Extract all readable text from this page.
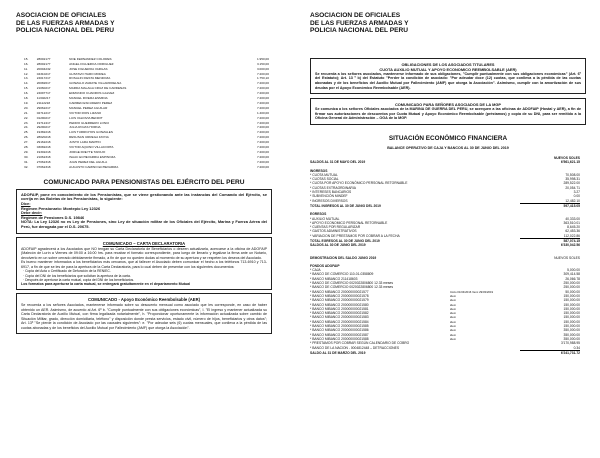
ASOCIACION DE OFICIALES
DE LAS FUERZAS ARMADAS Y
POLICIA NACIONAL DEL PERU
15.	28002177	NOE FERNANDEZ COLORES	1.950,00
16.	28002177	ANGEL FIGUEROA ODRIGUEZ	3.150,00
11.	20004232	JOSE FIGUEROA VARGAS	3.000,00
12.	04310217	GUSTAVO HARO MOREA	7.200,00
13.	24017217	ROSALIN FIESTA MENDOZA	1.750,10
14.	20082617	GONZALO ZARATE VILLARROELNA	7.200,00
15.	21060217	MARDA MALAGA CRUZ DE CARDENAS	7.200,00
16.	24097717	EDMUNDO CUADROS GALVEZ	7.200,00
18.	11302217	MANUEL RIVERA ESMIDIA	7.200,00
19.	21112218	CARMEN ESCUDERO PEREZ	7.200,00
20.	29062217	MANUEL PEREZ AGUILAR	7.200,00
21.	02712217	VICTOR RIOS LIZANO	1.400,00
22.	01290217	LUIS VALDIVIA BENDIT	7.200,00
23.	19712417	PEDRO GUERRERO LONCI	7.200,00
24.	29290217	JULIA ROJAS HORNA	7.200,00
25.	19382218	LUIS TURRICHOS GONZALES	7.200,00
26.	28020218	RESUSAN URREGA FAYNA	7.200,00
27.	29162218	JUSTO LARA MARTIN	7.200,00
28.	03082218	VICTOR AQUINO VILLACORTA	7.200,00
29.	19302218	JORGE FREYTE TAPAJO	7.200,00
30.	21062318	ISAAC ECHEVARRIA ESPINOZA	7.200,00
31.	27062318	JUAN PEREZ DEL AGUILA	7.200,00
32.	07062318	AUGUSTO CAMINO ECHEVARRIA	7.200,00
COMUNICADO PARA PENSIONISTAS DEL EJÉRCITO DEL PERU
ADOFAIP, pone en conocimiento de los Pensionistas, que se viene gestionando ante las instancias del Comando del Ejército, se corrija en las Boletas de los Pensionistas, lo siguiente:
Dice:
Regimen Pensionario: Montepio Ley 12326
Debe decir:
Regimen de Pensiones D.S. 19846
NOTA: La Ley 12326 no es Ley de Pensiones, sino Ley de situación militar de los Oficiales del Ejército, Marina y Fuerza Aérea del Perú, fue derogada por el D.S. 20675.
COMUNICADO – CARTA DECLARATORIA
ADOFAIP agradecerá a los Asociados que NO tengan su Carta Declaratoria de Beneficiarios o deseen actualizarla, acercarse a la oficina de ADOFAIP (Malecón de Lurín a Viernes de 09:00 a 16:00 hrs. para recabar el formato correspondiente, para luego de llenarlo y legalizar la firma ante un Notario, devolverlo en un sobre cerrado debidamente firmado, a fin de que no queden dudas al momento de su apertura y se respeten los deseos del Asociado.
Es bueno mantener informados a los beneficiarios más cercanos, que al fallecer el Asociado deben comunicar el hecho a los teléfonos 713-6910 y 713-6917, a fin de que se les de para la apertura de la Carta Declaratoria, para lo cual deben de presentar con los siguientes documentos:
· Copia del Acta o Certificado de Defunción de la RENIEC.
· Copia del DNI de los beneficiarios que solicitan la apertura de la carta.
· Después de aperturar la carta mutual, copia del DNI de los beneficiarios.
Los formatos para aperturar la carta mutual, se entregará gratuitamente en el departamento Mutual
COMUNICADO - Apoyo Económico Reembolsable (AER)
Se recuerda a los señores Asociados, mantenerse informado sobre su descuento mensual como asociado que les corresponde, en caso de haber obtenido un AER. Asimismo, de acuerdo al Art. 6º b. "Cumplir puntualmente con sus obligaciones económicas", I. "El ingreso y mantener actualizada su Carta Declaratoria de Auxilio Mutual, con firma legalizada notarialmente", h. "Proporcionar oportunamente la información actualizada sobre cambio de Situación Militar, grado, dirección domiciliaria, teléfono" y disposición donde presta servicios, estado civil, número de hijos, beneficiarios y otros datos"; Art. 13º "Se pierde la condición de Asociado por las causales siguientes": e. "Por adeudar seis (6) cuotas mensuales, que conlleva a la pérdida de las cuotas abonadas y de los beneficios del Auxilio Mutual por Fallecimiento (AMF) que otorga la Asociación".
ASOCIACION DE OFICIALES
DE LAS FUERZAS ARMADAS Y
POLICIA NACIONAL DEL PERU
OBLIGACIONES DE LOS ASOCIADOS TITULARES
CUOTA AUXILIO MUTUAL Y APOYO ECONOMICO REEMBOLSABLE (AER)
Se recuerda a los señores asociados, mantenerse informado de sus obligaciones, "Cumplir puntualmente con sus obligaciones económicas" (Art. 6º del Estatuto); Art. 13 º b) del Estatuto "Perder la condición de asociado: "Por adeudar doce (12) cuotas, que conlleva a la pérdida de las cuotas abonadas y de los beneficios del Auxilio Mutual por Fallecimiento (AMF) que otorga la Asociación". Asimismo, cumplir con la amortización de sus deudas por el Apoyo Económico Reembolsable (AER).
COMUNICADO PARA SEÑORES ASOCIADOS DE LA MGP
Se comunica a los señores Oficiales asociados de la MARINA DE GUERRA DEL PERU, se acerquen a las oficinas de ADOFAIP (Hostal y AER), a fin de firmar sus autorizaciones de descuentos por Cuota Mutual y Apoyo Económico Reembolsable (préstamos) y copia de su DNI, para ser remitido a la Oficina General de Administración – OGA de la MGP.
SITUACIÓN ECONÓMICO FINANCIERA
BALANCE OPERATIVO DE CAJA Y BANCOS AL 30 DE JUNIO DEL 2019
		NUEVOS SOLES
SALDOS AL 31 DE MAYO DEL 2019		6'561,621.15

INGRESOS		
* CUOTA MUTUAL		70,508.00
* CUOTAS SOCIAL		35,998.31
* CUOTA POR APOYO ECONÓMICO PERSONAL RETORNABLE		289,522.00
* CUOTAS EXTRAORDINARIA		20,054.71
* INTERESES BANCARIOS		3.27
* SUBVENCIÓN MINDEF		0.00
* INGRESOS DIVERSOS		12,482.10
TOTAL INGRESOS AL 30 DE JUNIO DEL 2019		597,415.05

EGRESOS		
* AUXILIO MUTUAL		40,333.00
* APOYO ECONOMICO PERSONAL RETORNABLE		363,510.01
* CUENTAS POR REGULARIZAR		8,645.20
* GASTOS ADMINISTRATIVOS		62,453.36
* VARIACION DE PRESTAMOS POR COBRAR A LA FECHA		112,022.86
TOTAL EGRESOS AL 30 DE JUNIO DEL 2019		587,074.15
SALDOS AL 30 DE JUNIO DEL 2019		6'330,042.56

DEMOSTRACION DEL SALDO JUNIO 2019		NUEVOS SOLES

FONDOS ADOFAIP		
* CAJA		5,000.00
* BANCO DE COMERCIO 110-01-0358809		309,414.58
* BANCO MIBANCO 211418603		26,066.78
* BANCO DE COMERCIO 0020022806800 12.33 meses		250,000.00
* BANCO DE COMERCIO 0020022806800 12.33 meses		250,000.00
* BANCO MIBANCO 200000000021577	Inicio 01/04/2016 Venc 29/03/2019	50,000.00
* BANCO MIBANCO 200000000021578	idem	150,000.00
* BANCO MIBANCO 200000000021579	idem	150,000.00
* BANCO MIBANCO 200000000021580	idem	150,000.00
* BANCO MIBANCO 200000000021581	idem	150,000.00
* BANCO MIBANCO 200000000021582	idem	150,000.00
* BANCO MIBANCO 200000000021583	idem	150,000.00
* BANCO MIBANCO 200000000021584	idem	150,000.00
* BANCO MIBANCO 200000000021585	idem	150,000.00
* BANCO MIBANCO 200000000021586	idem	350,000.00
* BANCO MIBANCO 200000000021587	idem	350,000.00
* BANCO MIBANCO 200000000021588	idem	350,000.00
* PRESTAMOS POR COBRAR SEGÚN CALENDARIO DE COBRO		3'170,988.95
* BANCO DE LA NACION - 0004812448 – DETRACCIONES		0.34
SALDO AL 31 DE MARZO DEL 2019		6'241,731.72
